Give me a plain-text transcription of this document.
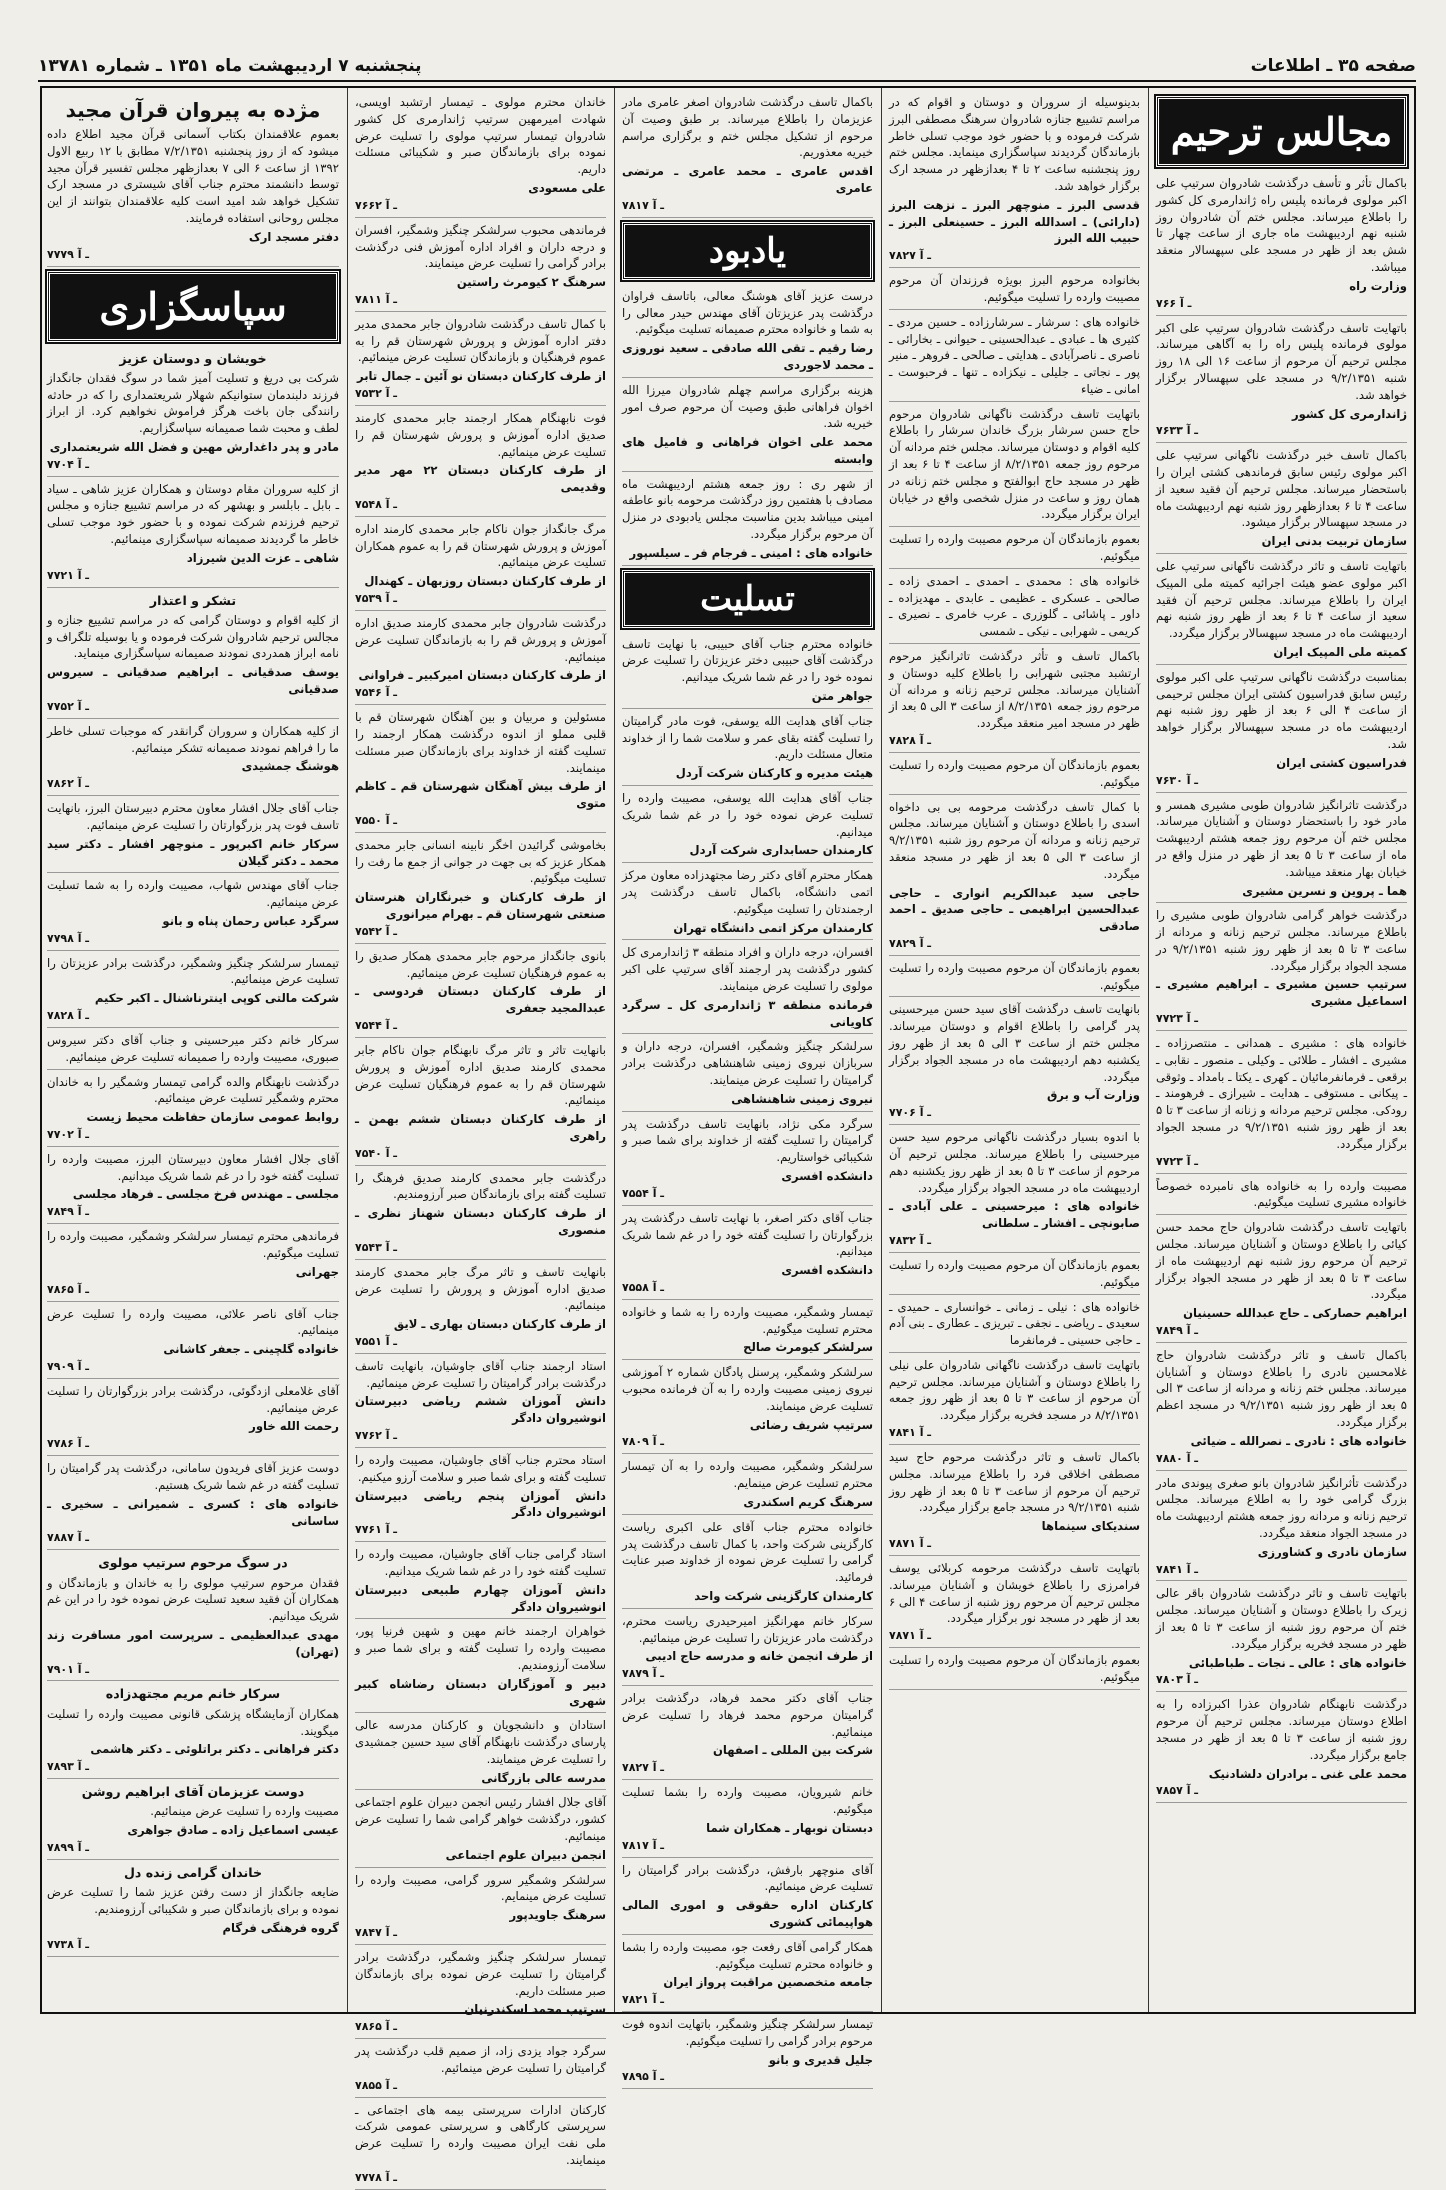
صفحه ۳۵ ـ اطلاعات
پنجشنبه ۷ اردیبهشت ماه ۱۳۵۱ ـ شماره ۱۳۷۸۱
مجالس ترحیم
باکمال تأثر و تأسف درگذشت شادروان سرتیپ علی اکبر مولوی فرمانده پلیس راه ژاندارمری کل کشور را باطلاع میرساند. مجلس ختم آن شادروان روز شنبه نهم اردیبهشت ماه جاری از ساعت چهار تا شش بعد از ظهر در مسجد علی سپهسالار منعقد میباشد.
وزارت راه
۷۶۶ ـ آ
باتهایت تاسف درگذشت شادروان سرتیپ علی اکبر مولوی فرمانده پلیس راه را به آگاهی میرساند. مجلس ترحیم آن مرحوم از ساعت ۱۶ الی ۱۸ روز شنبه ۹/۲/۱۳۵۱ در مسجد علی سپهسالار برگزار خواهد شد.
ژاندارمری کل کشور
۷۶۳۳ ـ آ
باکمال تاسف خبر درگذشت ناگهانی سرتیپ علی اکبر مولوی رئیس سابق فرماندهی کشتی ایران را باستحضار میرساند. مجلس ترحیم آن فقید سعید از ساعت ۴ تا ۶ بعدازظهر روز شنبه نهم اردیبهشت ماه در مسجد سپهسالار برگزار میشود.
سازمان تربیت بدنی ایران
باتهایت تاسف و تاثر درگذشت ناگهانی سرتیپ علی اکبر مولوی عضو هیئت اجرائیه کمیته ملی المپیک ایران را باطلاع میرساند. مجلس ترحیم آن فقید سعید از ساعت ۴ تا ۶ بعد از ظهر روز شنبه نهم اردیبهشت ماه در مسجد سپهسالار برگزار میگردد.
کمیته ملی المپیک ایران
بمناسبت درگذشت ناگهانی سرتیپ علی اکبر مولوی رئیس سابق فدراسیون کشتی ایران مجلس ترحیمی از ساعت ۴ الی ۶ بعد از ظهر روز شنبه نهم اردیبهشت ماه در مسجد سپهسالار برگزار خواهد شد.
فدراسیون کشتی ایران
۷۶۳۰ ـ آ
درگذشت تاثرانگیز شادروان طوبی مشیری همسر و مادر خود را باستحضار دوستان و آشنایان میرساند. مجلس ختم آن مرحوم روز جمعه هشتم اردیبهشت ماه از ساعت ۳ تا ۵ بعد از ظهر در منزل واقع در خیابان بهار منعقد میباشد.
هما ـ پروین و نسرین مشیری
درگذشت خواهر گرامی شادروان طوبی مشیری را باطلاع میرساند. مجلس ترحیم زنانه و مردانه از ساعت ۳ تا ۵ بعد از ظهر روز شنبه ۹/۲/۱۳۵۱ در مسجد الجواد برگزار میگردد.
سرتیپ حسین مشیری ـ ابراهیم مشیری ـ اسماعیل مشیری
۷۷۲۳ ـ آ
خانواده های : مشیری ـ همدانی ـ منتصرزاده ـ مشیری ـ افشار ـ طلائی ـ وکیلی ـ منصور ـ نقابی ـ برقعی ـ فرمانفرمائیان ـ کهری ـ یکتا ـ بامداد ـ وثوقی ـ پیکانی ـ مستوفی ـ هدایت ـ شیرازی ـ فرهومند ـ رودکی. مجلس ترحیم مردانه و زنانه از ساعت ۳ تا ۵ بعد از ظهر روز شنبه ۹/۲/۱۳۵۱ در مسجد الجواد برگزار میگردد.
۷۷۲۳ ـ آ
مصیبت وارده را به خانواده های نامبرده خصوصاً خانواده مشیری تسلیت میگوئیم.
باتهایت تاسف درگذشت شادروان حاج محمد حسن کیائی را باطلاع دوستان و آشنایان میرساند. مجلس ترحیم آن مرحوم روز شنبه نهم اردیبهشت ماه از ساعت ۳ تا ۵ بعد از ظهر در مسجد الجواد برگزار میگردد.
ابراهیم حصارکی ـ حاج عبدالله حسینیان
۷۸۴۹ ـ آ
باکمال تاسف و تاثر درگذشت شادروان حاج غلامحسین نادری را باطلاع دوستان و آشنایان میرساند. مجلس ختم زنانه و مردانه از ساعت ۳ الی ۵ بعد از ظهر روز شنبه ۹/۲/۱۳۵۱ در مسجد اعظم برگزار میگردد.
خانواده های : نادری ـ نصرالله ـ ضیائی
۷۸۸۰ ـ آ
درگذشت تأثرانگیز شادروان بانو صغری پیوندی مادر بزرگ گرامی خود را به اطلاع میرساند. مجلس ترحیم زنانه و مردانه روز جمعه هشتم اردیبهشت ماه در مسجد الجواد منعقد میگردد.
سازمان نادری و کشاورزی
۷۸۴۱ ـ آ
باتهایت تاسف و تاثر درگذشت شادروان باقر عالی زیرک را باطلاع دوستان و آشنایان میرساند. مجلس ختم آن مرحوم روز شنبه از ساعت ۳ تا ۵ بعد از ظهر در مسجد فخریه برگزار میگردد.
خانواده های : عالی ـ نجات ـ طباطبائی
۷۸۰۳ ـ آ
درگذشت نابهنگام شادروان عذرا اکبرزاده را به اطلاع دوستان میرساند. مجلس ترحیم آن مرحوم روز شنبه از ساعت ۳ تا ۵ بعد از ظهر در مسجد جامع برگزار میگردد.
محمد علی غنی ـ برادران دلشادنیک
۷۸۵۷ ـ آ
بدینوسیله از سروران و دوستان و اقوام که در مراسم تشییع جنازه شادروان سرهنگ مصطفی البرز شرکت فرموده و با حضور خود موجب تسلی خاطر بازماندگان گردیدند سپاسگزاری مینماید. مجلس ختم روز پنجشنبه ساعت ۲ تا ۴ بعدازظهر در مسجد ارک برگزار خواهد شد.
قدسی البرز ـ منوچهر البرز ـ نزهت البرز (دارائی) ـ اسدالله البرز ـ حسینعلی البرز ـ حبیب الله البرز
۷۸۲۷ ـ آ
بخانواده مرحوم البرز بویژه فرزندان آن مرحوم مصیبت وارده را تسلیت میگوئیم.
خانواده های : سرشار ـ سرشارزاده ـ حسین مردی ـ کثیری ها ـ عبادی ـ عبدالحسینی ـ حیوانی ـ بخارائی ـ ناصری ـ ناصرآبادی ـ هدایتی ـ صالحی ـ فروهر ـ منیر پور ـ نجاتی ـ جلیلی ـ نیکزاده ـ تنها ـ فرحبوست ـ امانی ـ ضیاء
باتهایت تاسف درگذشت ناگهانی شادروان مرحوم حاج حسن سرشار بزرگ خاندان سرشار را باطلاع کلیه اقوام و دوستان میرساند. مجلس ختم مردانه آن مرحوم روز جمعه ۸/۲/۱۳۵۱ از ساعت ۴ تا ۶ بعد از ظهر در مسجد حاج ابوالفتح و مجلس ختم زنانه در همان روز و ساعت در منزل شخصی واقع در خیابان ایران برگزار میگردد.
بعموم بازماندگان آن مرحوم مصیبت وارده را تسلیت میگوئیم.
خانواده های : محمدی ـ احمدی ـ احمدی زاده ـ صالحی ـ عسکری ـ عظیمی ـ عابدی ـ مهدیزاده ـ داور ـ پاشائی ـ گلوزری ـ عرب خامری ـ نصیری ـ کریمی ـ شهرابی ـ نیکی ـ شمسی
باکمال تاسف و تأثر درگذشت تاثرانگیز مرحوم ارتشبد مجتبی شهرابی را باطلاع کلیه دوستان و آشنایان میرساند. مجلس ترحیم زنانه و مردانه آن مرحوم روز جمعه ۸/۲/۱۳۵۱ از ساعت ۳ الی ۵ بعد از ظهر در مسجد امیر منعقد میگردد.
۷۸۲۸ ـ آ
بعموم بازماندگان آن مرحوم مصیبت وارده را تسلیت میگوئیم.
با کمال تاسف درگذشت مرحومه بی بی داخواه اسدی را باطلاع دوستان و آشنایان میرساند. مجلس ترحیم زنانه و مردانه آن مرحوم روز شنبه ۹/۲/۱۳۵۱ از ساعت ۳ الی ۵ بعد از ظهر در مسجد منعقد میگردد.
حاجی سید عبدالکریم انواری ـ حاجی عبدالحسین ابراهیمی ـ حاجی صدیق ـ احمد صادقی
۷۸۲۹ ـ آ
بعموم بازماندگان آن مرحوم مصیبت وارده را تسلیت میگوئیم.
بانهایت تاسف درگذشت آقای سید حسن میرحسینی پدر گرامی را باطلاع اقوام و دوستان میرساند. مجلس ختم از ساعت ۳ الی ۵ بعد از ظهر روز یکشنبه دهم اردیبهشت ماه در مسجد الجواد برگزار میگردد.
وزارت آب و برق
۷۷۰۶ ـ آ
با اندوه بسیار درگذشت ناگهانی مرحوم سید حسن میرحسینی را باطلاع میرساند. مجلس ترحیم آن مرحوم از ساعت ۳ تا ۵ بعد از ظهر روز یکشنبه دهم اردیبهشت ماه در مسجد الجواد برگزار میگردد.
خانواده های : میرحسینی ـ علی آبادی ـ صابونچی ـ افشار ـ سلطانی
۷۸۳۲ ـ آ
بعموم بازماندگان آن مرحوم مصیبت وارده را تسلیت میگوئیم.
خانواده های : نیلی ـ زمانی ـ خوانساری ـ حمیدی ـ سعیدی ـ ریاضی ـ نجفی ـ تبریزی ـ عطاری ـ بنی آدم ـ حاجی حسینی ـ فرمانفرما
باتهایت تاسف درگذشت ناگهانی شادروان علی نیلی را باطلاع دوستان و آشنایان میرساند. مجلس ترحیم آن مرحوم از ساعت ۳ تا ۵ بعد از ظهر روز جمعه ۸/۲/۱۳۵۱ در مسجد فخریه برگزار میگردد.
۷۸۴۱ ـ آ
باکمال تاسف و تاثر درگذشت مرحوم حاج سید مصطفی اخلاقی فرد را باطلاع میرساند. مجلس ترحیم آن مرحوم از ساعت ۳ تا ۵ بعد از ظهر روز شنبه ۹/۲/۱۳۵۱ در مسجد جامع برگزار میگردد.
سندیکای سینماها
۷۸۷۱ ـ آ
باتهایت تاسف درگذشت مرحومه کربلائی یوسف فرامرزی را باطلاع خویشان و آشنایان میرساند. مجلس ترحیم آن مرحوم روز شنبه از ساعت ۴ الی ۶ بعد از ظهر در مسجد نور برگزار میگردد.
۷۸۷۱ ـ آ
بعموم بازماندگان آن مرحوم مصیبت وارده را تسلیت میگوئیم.
باکمال تاسف درگذشت شادروان اصغر عامری مادر عزیزمان را باطلاع میرساند. بر طبق وصیت آن مرحوم از تشکیل مجلس ختم و برگزاری مراسم خیریه معذوریم.
اقدس عامری ـ محمد عامری ـ مرتضی عامری
۷۸۱۷ ـ آ
یادبود
درست عزیز آقای هوشنگ معالی، باتاسف فراوان درگذشت پدر عزیزتان آقای مهندس حیدر معالی را به شما و خانواده محترم صمیمانه تسلیت میگوئیم.
رضا رقیم ـ تقی الله صادقی ـ سعید نوروزی ـ محمد لاجوردی
هزینه برگزاری مراسم چهلم شادروان میرزا الله اخوان فراهانی طبق وصیت آن مرحوم صرف امور خیریه شد.
محمد علی اخوان فراهانی و فامیل های وابسته
از شهر ری : روز جمعه هشتم اردیبهشت ماه مصادف با هفتمین روز درگذشت مرحومه بانو عاطفه امینی میباشد بدین مناسبت مجلس یادبودی در منزل آن مرحوم برگزار میگردد.
خانواده های : امینی ـ فرجام فر ـ سیلسپور
تسلیت
خانواده محترم جناب آقای حبیبی، با نهایت تاسف درگذشت آقای حبیبی دختر عزیزتان را تسلیت عرض نموده خود را در غم شما شریک میدانیم.
جواهر متن
جناب آقای هدایت الله یوسفی، فوت مادر گرامیتان را تسلیت گفته بقای عمر و سلامت شما را از خداوند متعال مسئلت داریم.
هیئت مدیره و کارکنان شرکت آردل
جناب آقای هدایت الله یوسفی، مصیبت وارده را تسلیت عرض نموده خود را در غم شما شریک میدانیم.
کارمندان حسابداری شرکت آردل
همکار محترم آقای دکتر رضا مجتهدزاده معاون مرکز اتمی دانشگاه، باکمال تاسف درگذشت پدر ارجمندتان را تسلیت میگوئیم.
کارمندان مرکز اتمی دانشگاه تهران
افسران، درجه داران و افراد منطقه ۳ ژاندارمری کل کشور درگذشت پدر ارجمند آقای سرتیپ علی اکبر مولوی را تسلیت عرض مینمایند.
فرمانده منطقه ۳ ژاندارمری کل ـ سرگرد کاویانی
سرلشکر چنگیز وشمگیر، افسران، درجه داران و سربازان نیروی زمینی شاهنشاهی درگذشت برادر گرامیتان را تسلیت عرض مینمایند.
نیروی زمینی شاهنشاهی
سرگرد مکی نژاد، بانهایت تاسف درگذشت پدر گرامیتان را تسلیت گفته از خداوند برای شما صبر و شکیبائی خواستاریم.
دانشکده افسری
۷۵۵۴ ـ آ
جناب آقای دکتر اصغر، با نهایت تاسف درگذشت پدر بزرگوارتان را تسلیت گفته خود را در غم شما شریک میدانیم.
دانشکده افسری
۷۵۵۸ ـ آ
تیمسار وشمگیر، مصیبت وارده را به شما و خانواده محترم تسلیت میگوئیم.
سرلشکر کیومرث صالح
سرلشکر وشمگیر، پرسنل پادگان شماره ۲ آموزشی نیروی زمینی مصیبت وارده را به آن فرمانده محبوب تسلیت عرض مینمایند.
سرتیپ شریف رضائی
۷۸۰۹ ـ آ
سرلشکر وشمگیر، مصیبت وارده را به آن تیمسار محترم تسلیت عرض مینمایم.
سرهنگ کریم اسکندری
خانواده محترم جناب آقای علی اکبری ریاست کارگزینی شرکت واحد، با کمال تاسف درگذشت پدر گرامی را تسلیت عرض نموده از خداوند صبر عنایت فرمائید.
کارمندان کارگزینی شرکت واحد
سرکار خانم مهرانگیز امیرحیدری ریاست محترم، درگذشت مادر عزیزتان را تسلیت عرض مینمائیم.
از طرف انجمن خانه و مدرسه حاج ادیبی
۷۸۷۹ ـ آ
جناب آقای دکتر محمد فرهاد، درگذشت برادر گرامیتان مرحوم محمد فرهاد را تسلیت عرض مینمائیم.
شرکت بین المللی ـ اصفهان
۷۸۲۷ ـ آ
خانم شیرویان، مصیبت وارده را بشما تسلیت میگوئیم.
دبستان نوبهار ـ همکاران شما
۷۸۱۷ ـ آ
آقای منوچهر بارفش، درگذشت برادر گرامیتان را تسلیت عرض مینمائیم.
کارکنان اداره حقوقی و اموری المالی هواپیمائی کشوری
همکار گرامی آقای رفعت جو، مصیبت وارده را بشما و خانواده محترم تسلیت میگوئیم.
جامعه متخصصین مراقبت پرواز ایران
۷۸۲۱ ـ آ
تیمسار سرلشکر چنگیز وشمگیر، باتهایت اندوه فوت مرحوم برادر گرامی را تسلیت میگوئیم.
جلیل قدیری و بانو
۷۸۹۵ ـ آ
خاندان محترم مولوی ـ تیمسار ارتشبد اویسی، شهادت امیرمهین سرتیپ ژاندارمری کل کشور شادروان تیمسار سرتیپ مولوی را تسلیت عرض نموده برای بازماندگان صبر و شکیبائی مسئلت داریم.
علی مسعودی
۷۶۶۲ ـ آ
فرماندهی محبوب سرلشکر چنگیز وشمگیر، افسران و درجه داران و افراد اداره آموزش فنی درگذشت برادر گرامی را تسلیت عرض مینمایند.
سرهنگ ۲ کیومرث راستین
۷۸۱۱ ـ آ
با کمال تاسف درگذشت شادروان جابر محمدی مدیر دفتر اداره آموزش و پرورش شهرستان قم را به عموم فرهنگیان و بازماندگان تسلیت عرض مینمائیم.
از طرف کارکنان دبستان نو آئین ـ جمال تابر
۷۵۳۲ ـ آ
فوت نابهنگام همکار ارجمند جابر محمدی کارمند صدیق اداره آموزش و پرورش شهرستان قم را تسلیت عرض مینمائیم.
از طرف کارکنان دبستان ۲۲ مهر مدیر وقدیمی
۷۵۴۸ ـ آ
مرگ جانگداز جوان ناکام جابر محمدی کارمند اداره آموزش و پرورش شهرستان قم را به عموم همکاران تسلیت عرض مینمائیم.
از طرف کارکنان دبستان روزبهان ـ کهندال
۷۵۳۹ ـ آ
درگذشت شادروان جابر محمدی کارمند صدیق اداره آموزش و پرورش قم را به بازماندگان تسلیت عرض مینمائیم.
از طرف کارکنان دبستان امیرکبیر ـ فراوانی
۷۵۴۶ ـ آ
مسئولین و مربیان و بین آهنگان شهرستان قم با قلبی مملو از اندوه درگذشت همکار ارجمند را تسلیت گفته از خداوند برای بازماندگان صبر مسئلت مینمایند.
از طرف بیش آهنگان شهرستان قم ـ کاظم متوی
۷۵۵۰ ـ آ
بخاموشی گرائیدن اخگر نابینه انسانی جابر محمدی همکار عزیز که بی جهت در جوانی از جمع ما رفت را تسلیت میگوئیم.
از طرف کارکنان و خبرنگاران هنرستان صنعتی شهرستان قم ـ بهرام میرانوری
۷۵۴۲ ـ آ
بانوی جانگداز مرحوم جابر محمدی همکار صدیق را به عموم فرهنگیان تسلیت عرض مینمائیم.
از طرف کارکنان دبستان فردوسی ـ عبدالمجید جعفری
۷۵۴۴ ـ آ
بانهایت تاثر و تاثر مرگ نابهنگام جوان ناکام جابر محمدی کارمند صدیق اداره آموزش و پرورش شهرستان قم را به عموم فرهنگیان تسلیت عرض مینمائیم.
از طرف کارکنان دبستان ششم بهمن ـ راهری
۷۵۴۰ ـ آ
درگذشت جابر محمدی کارمند صدیق فرهنگ را تسلیت گفته برای بازماندگان صبر آرزومندیم.
از طرف کارکنان دبستان شهناز نظری ـ منصوری
۷۵۴۳ ـ آ
بانهایت تاسف و تاثر مرگ جابر محمدی کارمند صدیق اداره آموزش و پرورش را تسلیت عرض مینمائیم.
از طرف کارکنان دبستان بهاری ـ لایق
۷۵۵۱ ـ آ
استاد ارجمند جناب آقای جاوشیان، بانهایت تاسف درگذشت برادر گرامیتان را تسلیت عرض مینمائیم.
دانش آموزان ششم ریاضی دبیرستان انوشیروان دادگر
۷۷۶۲ ـ آ
استاد محترم جناب آقای جاوشیان، مصیبت وارده را تسلیت گفته و برای شما صبر و سلامت آرزو میکنیم.
دانش آموزان پنجم ریاضی دبیرستان انوشیروان دادگر
۷۷۶۱ ـ آ
استاد گرامی جناب آقای جاوشیان، مصیبت وارده را تسلیت گفته خود را در غم شما شریک میدانیم.
دانش آموزان چهارم طبیعی دبیرستان انوشیروان دادگر
خواهران ارجمند خانم مهین و شهین فرنیا پور، مصیبت وارده را تسلیت گفته و برای شما صبر و سلامت آرزومندیم.
دبیر و آموزگاران دبستان رضاشاه کبیر شهری
استادان و دانشجویان و کارکنان مدرسه عالی پارسای درگذشت نابهنگام آقای سید حسین جمشیدی را تسلیت عرض مینمایند.
مدرسه عالی بازرگانی
آقای جلال افشار رئیس انجمن دبیران علوم اجتماعی کشور، درگذشت خواهر گرامی شما را تسلیت عرض مینمائیم.
انجمن دبیران علوم اجتماعی
سرلشکر وشمگیر سرور گرامی، مصیبت وارده را تسلیت عرض مینمایم.
سرهنگ جاویدپور
۷۸۴۷ ـ آ
تیمسار سرلشکر چنگیز وشمگیر، درگذشت برادر گرامیتان را تسلیت عرض نموده برای بازماندگان صبر مسئلت داریم.
سرتیپ محمد اسکندرنیان
۷۸۶۵ ـ آ
سرگرد جواد یزدی زاد، از صمیم قلب درگذشت پدر گرامیتان را تسلیت عرض مینمائیم.
۷۸۵۵ ـ آ
کارکنان ادارات سرپرستی بیمه های اجتماعی ـ سرپرستی کارگاهی و سرپرستی عمومی شرکت ملی نفت ایران مصیبت وارده را تسلیت عرض مینمایند.
۷۷۷۸ ـ آ
مژده به پیروان قرآن مجید
بعموم علاقمندان بکتاب آسمانی قرآن مجید اطلاع داده میشود که از روز پنجشنبه ۷/۲/۱۳۵۱ مطابق با ۱۲ ربیع الاول ۱۳۹۲ از ساعت ۶ الی ۷ بعدازظهر مجلس تفسیر قرآن مجید توسط دانشمند محترم جناب آقای شیستری در مسجد ارک تشکیل خواهد شد امید است کلیه علاقمندان بتوانند از این مجلس روحانی استفاده فرمایند.
دفتر مسجد ارک
۷۷۷۹ ـ آ
سپاسگزاری
خویشان و دوستان عزیز
شرکت بی دریغ و تسلیت آمیز شما در سوگ فقدان جانگداز فرزند دلبندمان ستوانیکم شهلار شریعتمداری را که در حادثه رانندگی جان باخت هرگز فراموش نخواهیم کرد. از ابراز لطف و محبت شما صمیمانه سپاسگزاریم.
مادر و پدر داغدارش مهین و فضل الله شریعتمداری
۷۷۰۴ ـ آ
از کلیه سروران مقام دوستان و همکاران عزیز شاهی ـ سیاد ـ بابل ـ بابلسر و بهشهر که در مراسم تشییع جنازه و مجلس ترحیم فرزندم شرکت نموده و با حضور خود موجب تسلی خاطر ما گردیدند صمیمانه سپاسگزاری مینمائیم.
شاهی ـ عزت الدین شیرزاد
۷۷۲۱ ـ آ
تشکر و اعتذار
از کلیه اقوام و دوستان گرامی که در مراسم تشییع جنازه و مجالس ترحیم شادروان شرکت فرموده و یا بوسیله تلگراف و نامه ابراز همدردی نمودند صمیمانه سپاسگزاری مینماید.
یوسف صدقیانی ـ ابراهیم صدقیانی ـ سیروس صدقیانی
۷۷۵۲ ـ آ
از کلیه همکاران و سروران گرانقدر که موجبات تسلی خاطر ما را فراهم نمودند صمیمانه تشکر مینمائیم.
هوشنگ جمشیدی
۷۸۶۲ ـ آ
جناب آقای جلال افشار معاون محترم دبیرستان البرز، بانهایت تاسف فوت پدر بزرگوارتان را تسلیت عرض مینمائیم.
سرکار خانم اکبرپور ـ منوچهر افشار ـ دکتر سید محمد ـ دکتر گیلان
جناب آقای مهندس شهاب، مصیبت وارده را به شما تسلیت عرض مینمائیم.
سرگرد عباس رحمان پناه و بانو
۷۷۹۸ ـ آ
تیمسار سرلشکر چنگیز وشمگیر، درگذشت برادر عزیزتان را تسلیت عرض مینمائیم.
شرکت مالتی کوپی اینترناشنال ـ اکبر حکیم
۷۸۲۸ ـ آ
سرکار خانم دکتر میرحسینی و جناب آقای دکتر سیروس صبوری، مصیبت وارده را صمیمانه تسلیت عرض مینمائیم.
درگذشت نابهنگام والده گرامی تیمسار وشمگیر را به خاندان محترم وشمگیر تسلیت عرض مینمائیم.
روابط عمومی سازمان حفاظت محیط زیست
۷۷۰۲ ـ آ
آقای جلال افشار معاون دبیرستان البرز، مصیبت وارده را تسلیت گفته خود را در غم شما شریک میدانیم.
مجلسی ـ مهندس فرخ مجلسی ـ فرهاد مجلسی
۷۸۴۹ ـ آ
فرماندهی محترم تیمسار سرلشکر وشمگیر، مصیبت وارده را تسلیت میگوئیم.
جهرانی
۷۸۶۵ ـ آ
جناب آقای ناصر علائی، مصیبت وارده را تسلیت عرض مینمائیم.
خانواده گلچینی ـ جعفر کاشانی
۷۹۰۹ ـ آ
آقای غلامعلی ازدگوئی، درگذشت برادر بزرگوارتان را تسلیت عرض مینمائیم.
رحمت الله خاور
۷۷۸۶ ـ آ
دوست عزیز آقای فریدون سامانی، درگذشت پدر گرامیتان را تسلیت گفته در غم شما شریک هستیم.
خانواده های : کسری ـ شمیرانی ـ سخیری ـ ساسانی
۷۸۸۷ ـ آ
در سوگ مرحوم سرتیپ مولوی
فقدان مرحوم سرتیپ مولوی را به خاندان و بازماندگان و همکاران آن فقید سعید تسلیت عرض نموده خود را در این غم شریک میدانیم.
مهدی عبدالعظیمی ـ سرپرست امور مسافرت زند (تهران)
۷۹۰۱ ـ آ
سرکار خانم مریم مجتهدزاده
همکاران آزمایشگاه پزشکی قانونی مصیبت وارده را تسلیت میگویند.
دکتر فراهانی ـ دکتر براتلوئی ـ دکتر هاشمی
۷۸۹۳ ـ آ
دوست عزیزمان آقای ابراهیم روشن
مصیبت وارده را تسلیت عرض مینمائیم.
عیسی اسماعیل زاده ـ صادق جواهری
۷۸۹۹ ـ آ
خاندان گرامی زنده دل
ضایعه جانگداز از دست رفتن عزیز شما را تسلیت عرض نموده و برای بازماندگان صبر و شکیبائی آرزومندیم.
گروه فرهنگی فرگام
۷۷۳۸ ـ آ
